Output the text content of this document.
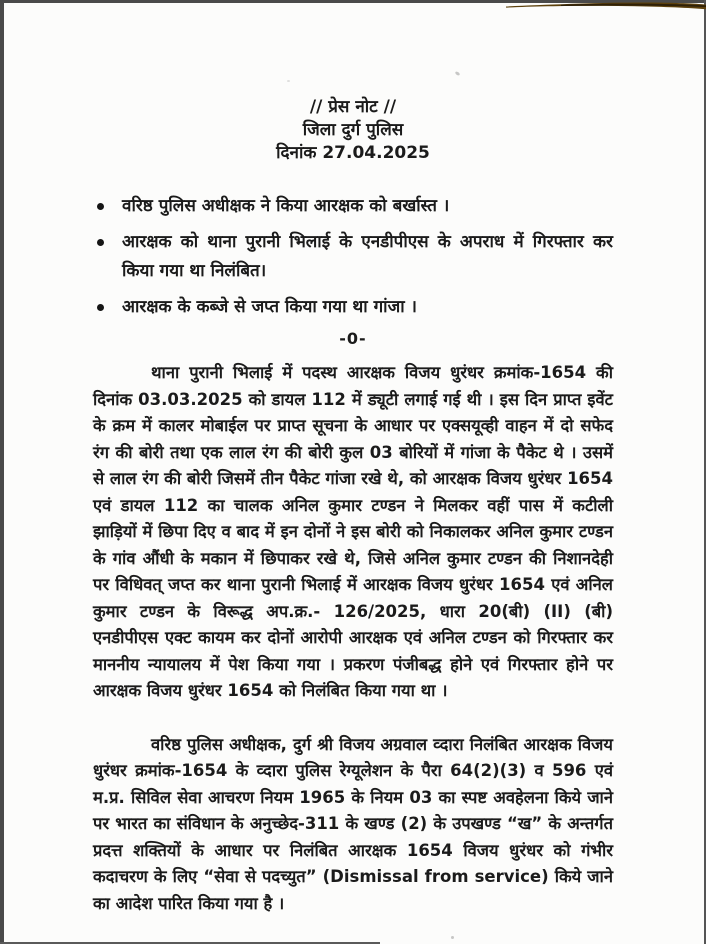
// प्रेस नोट //
जिला दुर्ग पुलिस
दिनांक 27.04.2025
वरिष्ठ पुलिस अधीक्षक ने किया आरक्षक को बर्खास्त ।
आरक्षक को थाना पुरानी भिलाई के एनडीपीएस के अपराध में गिरफ्तार कर किया गया था निलंबित।
आरक्षक के कब्जे से जप्त किया गया था गांजा ।
-0-

थाना पुरानी भिलाई में पदस्थ आरक्षक विजय धुरंधर क्रमांक-1654 की दिनांक 03.03.2025 को डायल 112 में ड्यूटी लगाई गई थी । इस दिन प्राप्त इवेंट के क्रम में कालर मोबाईल पर प्राप्त सूचना के आधार पर एक्सयूव्ही वाहन में दो सफेद रंग की बोरी तथा एक लाल रंग की बोरी कुल 03 बोरियों में गांजा के पैकेट थे । उसमें से लाल रंग की बोरी जिसमें तीन पैकेट गांजा रखे थे, को आरक्षक विजय धुरंधर 1654 एवं डायल 112 का चालक अनिल कुमार टण्डन ने मिलकर वहीं पास में कटीली झाड़ियों में छिपा दिए व बाद में इन दोनों ने इस बोरी को निकालकर अनिल कुमार टण्डन के गांव औंधी के मकान में छिपाकर रखे थे, जिसे अनिल कुमार टण्डन की निशानदेही पर विधिवत् जप्त कर थाना पुरानी भिलाई में आरक्षक विजय धुरंधर 1654 एवं अनिल कुमार टण्डन के विरूद्ध अप.क्र.- 126/2025, धारा 20(बी) (II) (बी) एनडीपीएस एक्ट कायम कर दोनों आरोपी आरक्षक एवं अनिल टण्डन को गिरफ्तार कर माननीय न्यायालय में पेश किया गया । प्रकरण पंजीबद्ध होने एवं गिरफ्तार होने पर आरक्षक विजय धुरंधर 1654 को निलंबित किया गया था ।

वरिष्ठ पुलिस अधीक्षक, दुर्ग श्री विजय अग्रवाल व्दारा निलंबित आरक्षक विजय धुरंधर क्रमांक-1654 के व्दारा पुलिस रेग्यूलेशन के पैरा 64(2)(3) व 596 एवं म.प्र. सिविल सेवा आचरण नियम 1965 के नियम 03 का स्पष्ट अवहेलना किये जाने पर भारत का संविधान के अनुच्छेद-311 के खण्ड (2) के उपखण्ड “ख” के अन्तर्गत प्रदत्त शक्तियों के आधार पर निलंबित आरक्षक 1654 विजय धुरंधर को गंभीर कदाचरण के लिए “सेवा से पदच्युत” (Dismissal from service) किये जाने का आदेश पारित किया गया है ।
